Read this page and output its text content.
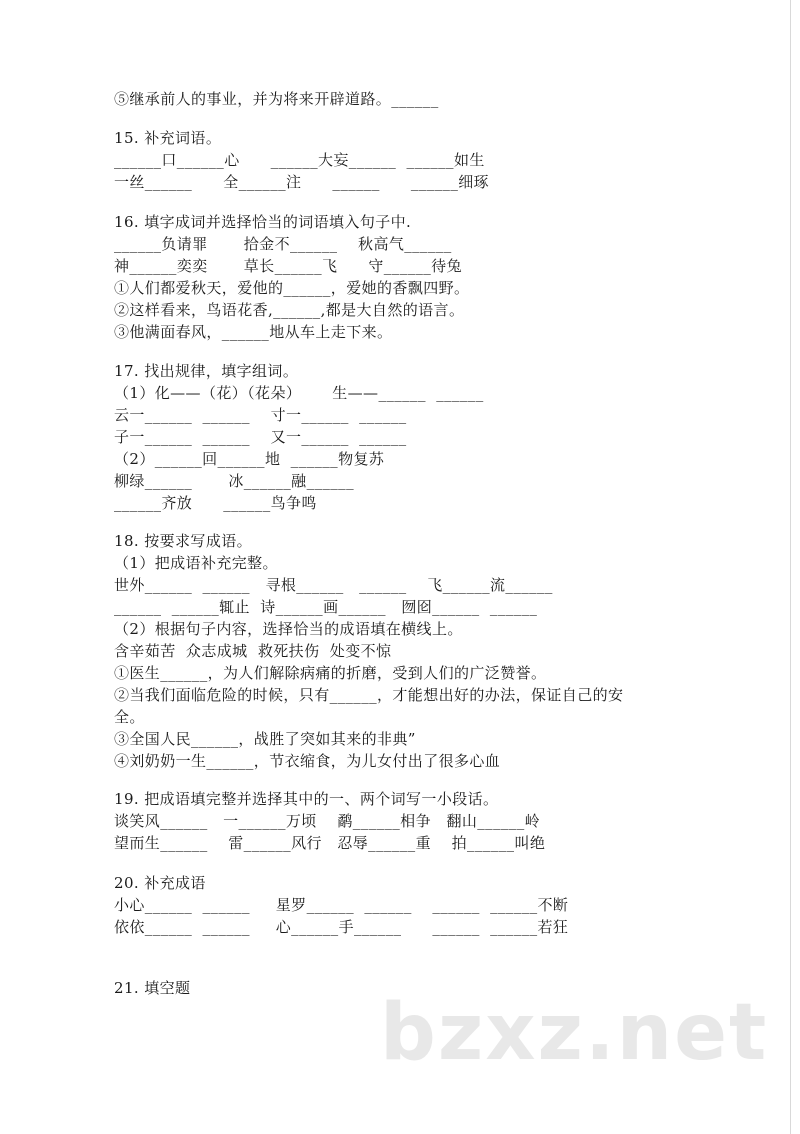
⑤继承前人的事业，并为将来开辟道路。______
15. 补充词语。
______口______心      ______大妄______  ______如生
一丝______      全______注      ______      ______细琢
16. 填字成词并选择恰当的词语填入句子中.
______负请罪       拾金不______    秋高气______
神______奕奕       草长______飞      守______待兔
①人们都爱秋天，爱他的______，爱她的香飘四野。
②这样看来，鸟语花香,______,都是大自然的语言。
③他满面春风，______地从车上走下来。
17. 找出规律，填字组词。
（1）化——（花）（花朵）      生——______  ______
云一______  ______    寸一______  ______
子一______  ______    又一______  ______
（2）______回______地  ______物复苏
柳绿______       冰______融______
______齐放      ______鸟争鸣
18. 按要求写成语。
（1）把成语补充完整。
世外______  ______   寻根______   ______    飞______流______
______  ______辄止  诗______画______   囫囵______  ______
（2）根据句子内容，选择恰当的成语填在横线上。
含辛茹苦  众志成城  救死扶伤  处变不惊
①医生______，为人们解除病痛的折磨，受到人们的广泛赞誉。
②当我们面临危险的时候，只有______，才能想出好的办法，保证自己的安
全。
③全国人民______，战胜了突如其来的非典”
④刘奶奶一生______，节衣缩食，为儿女付出了很多心血
19. 把成语填完整并选择其中的一、两个词写一小段话。
谈笑风______   一______万顷    鹬______相争   翻山______岭
望而生______    雷______风行   忍辱______重    拍______叫绝
20. 补充成语
小心______  ______     星罗______  ______    ______  ______不断
依依______  ______     心______手______      ______  ______若狂
21. 填空题 bzxz.net
